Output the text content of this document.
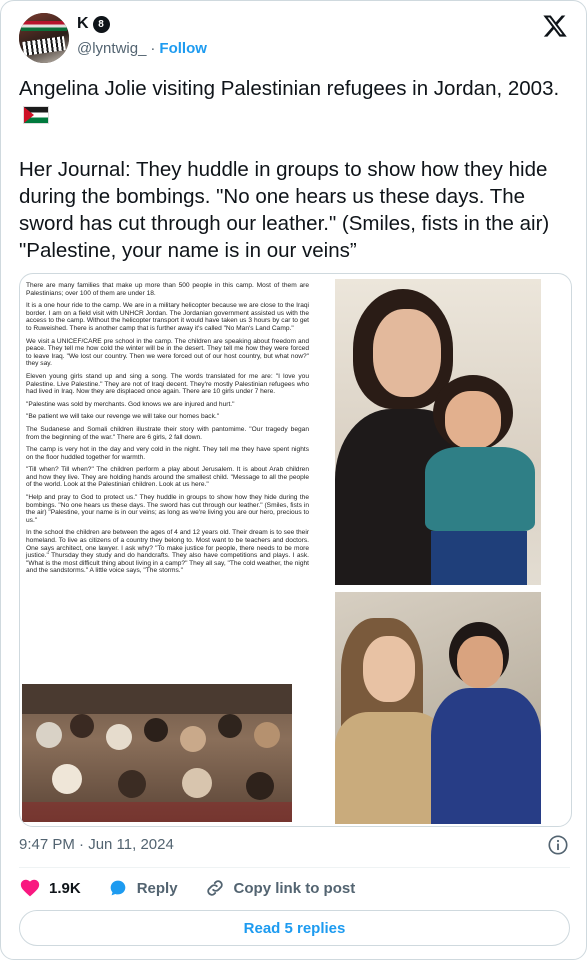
K 8
@lyntwig_ · Follow
Angelina Jolie visiting Palestinian refugees in Jordan, 2003.

Her Journal: They huddle in groups to show how they hide during the bombings. "No one hears us these days. The sword has cut through our leather." (Smiles, fists in the air) "Palestine, your name is in our veins”

There are many families that make up more than 500 people in this camp. Most of them are Palestinians; over 100 of them are under 18.

It is a one hour ride to the camp. We are in a military helicopter because we are close to the Iraqi border. I am on a field visit with UNHCR Jordan. The Jordanian government assisted us with the access to the camp. Without the helicopter transport it would have taken us 3 hours by car to get to Ruweished. There is another camp that is further away it's called "No Man's Land Camp."

We visit a UNICEF/CARE pre school in the camp. The children are speaking about freedom and peace. They tell me how cold the winter will be in the desert. They tell me how they were forced to leave Iraq. "We lost our country. Then we were forced out of our host country, but what now?" they say.

Eleven young girls stand up and sing a song. The words translated for me are: "I love you Palestine. Live Palestine." They are not of Iraqi decent. They're mostly Palestinian refugees who had lived in Iraq. Now they are displaced once again. There are 10 girls under 7 here.

"Palestine was sold by merchants. God knows we are injured and hurt."

"Be patient we will take our revenge we will take our homes back."

The Sudanese and Somali children illustrate their story with pantomime. "Our tragedy began from the beginning of the war." There are 6 girls, 2 fall down.

The camp is very hot in the day and very cold in the night. They tell me they have spent nights on the floor huddled together for warmth.

"Till when? Till when?" The children perform a play about Jerusalem. It is about Arab children and how they live. They are holding hands around the smallest child. "Message to all the people of the world. Look at the Palestinian children. Look at us here."

"Help and pray to God to protect us." They huddle in groups to show how they hide during the bombings. "No one hears us these days. The sword has cut through our leather." (Smiles, fists in the air) "Palestine, your name is in our veins; as long as we're living you are our hero, precious to us."

In the school the children are between the ages of 4 and 12 years old. Their dream is to see their homeland. To live as citizens of a country they belong to. Most want to be teachers and doctors. One says architect, one lawyer. I ask why? "To make justice for people, there needs to be more justice." Thursday they study and do handcrafts. They also have competitions and plays. I ask. "What is the most difficult thing about living in a camp?" They all say, "The cold weather, the night and the sandstorms." A little voice says, "The storms."

9:47 PM · Jun 11, 2024
1.9K	Reply	Copy link to post
Read 5 replies
